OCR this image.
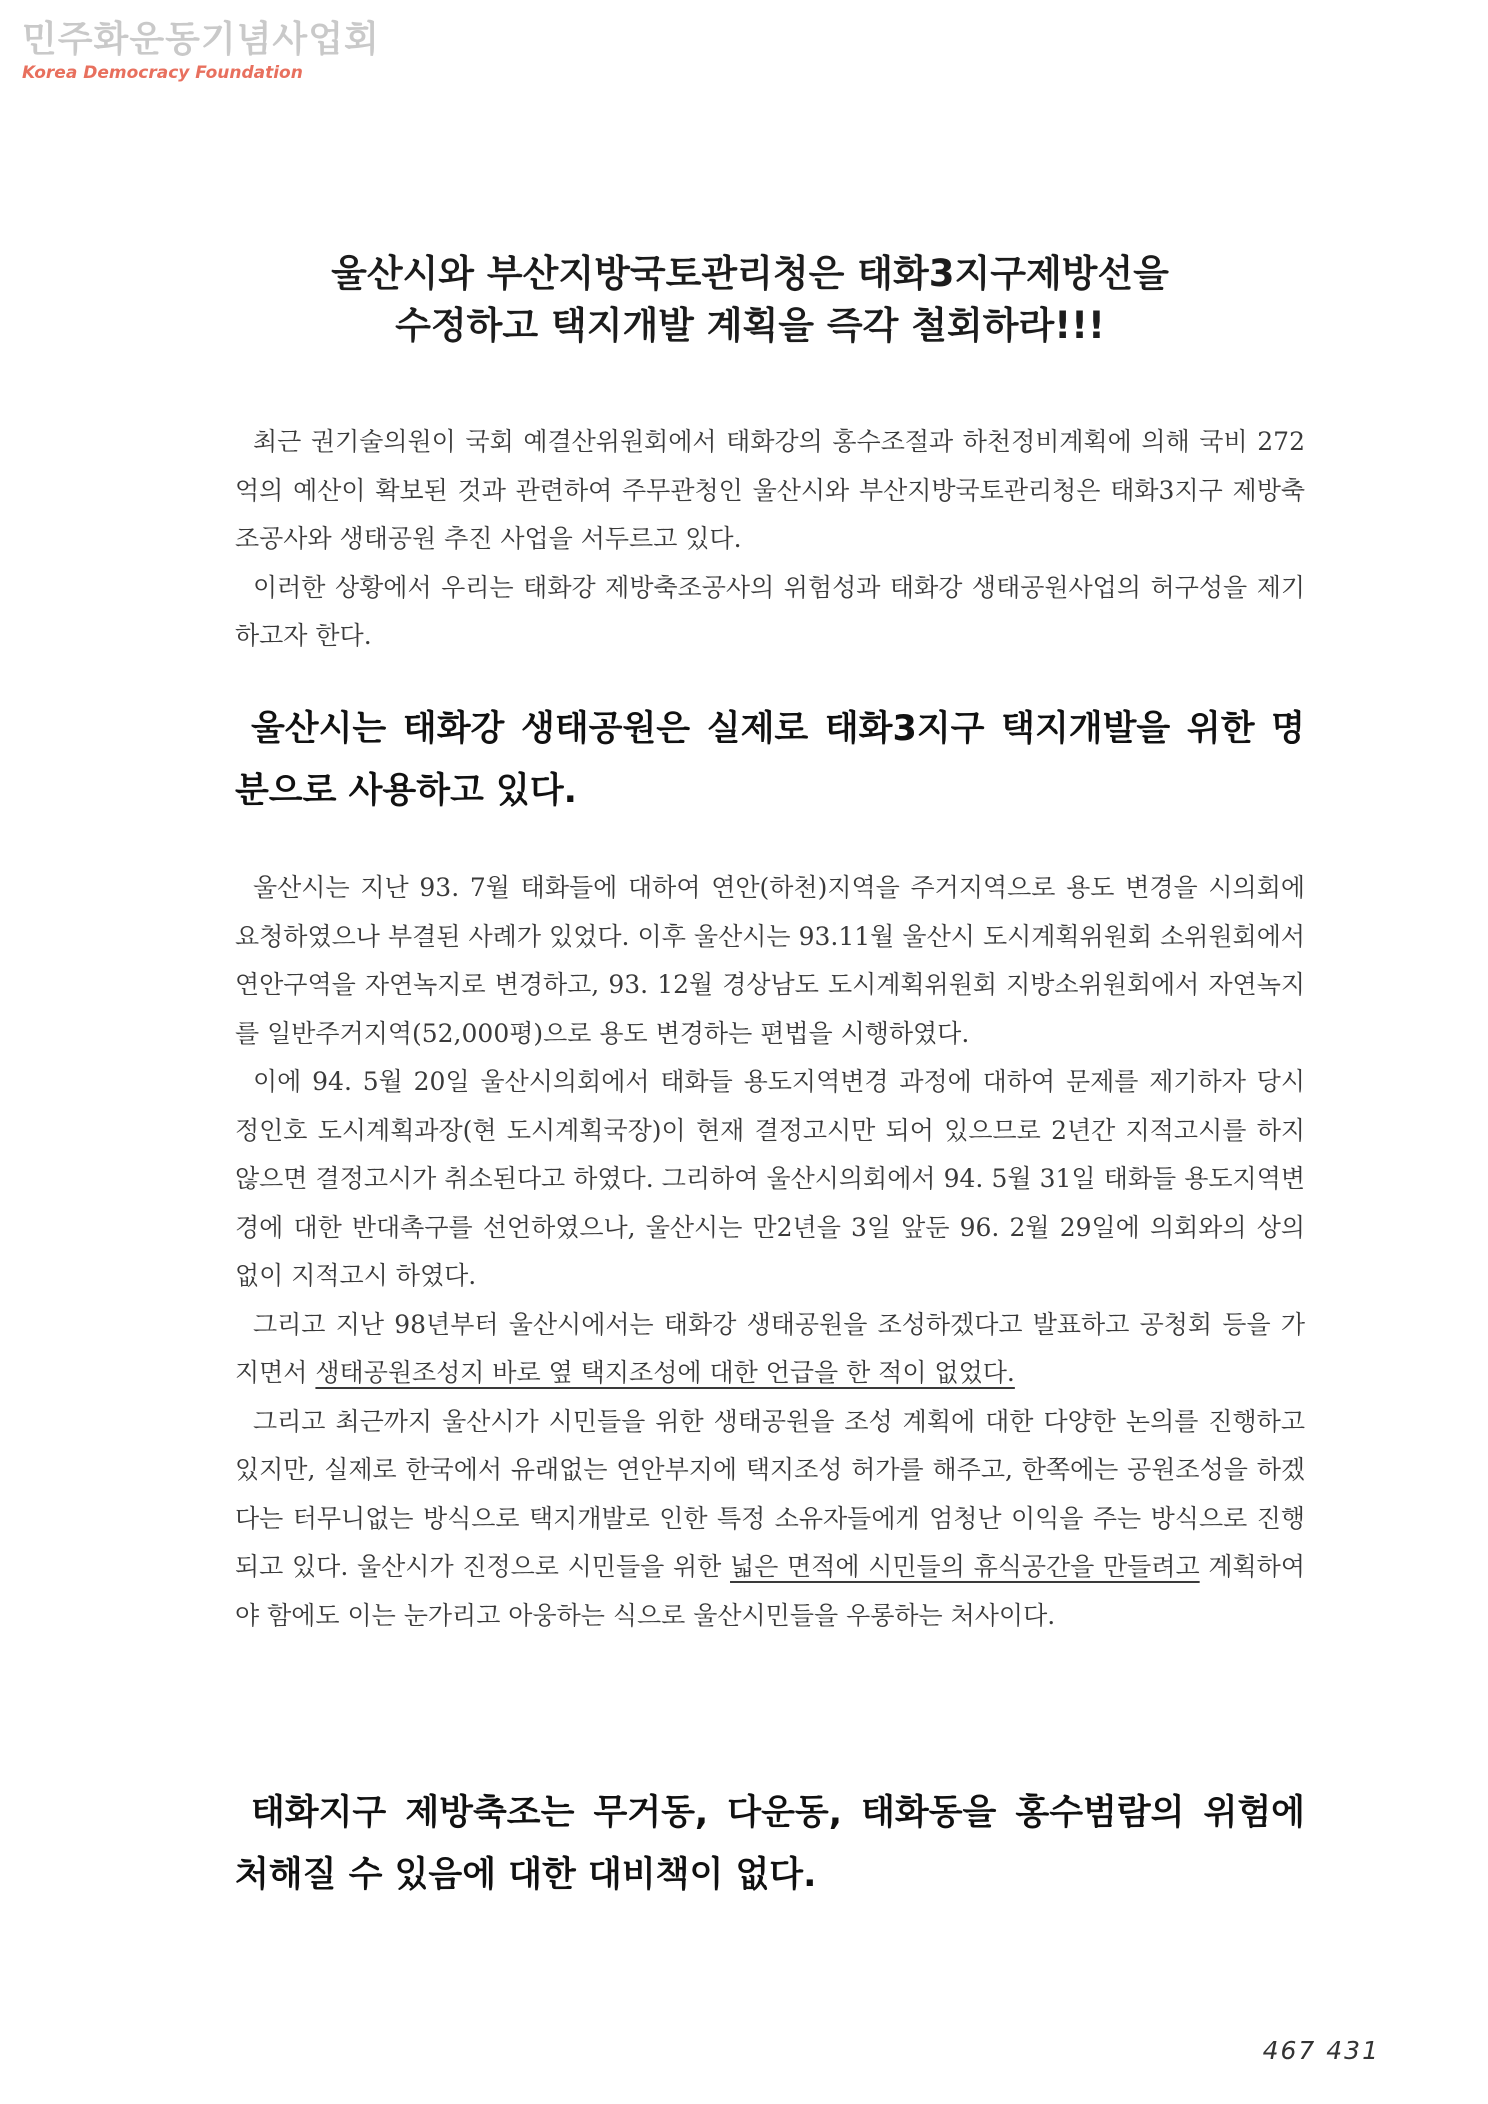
민주화운동기념사업회
Korea Democracy Foundation
울산시와 부산지방국토관리청은 태화3지구제방선을
수정하고 택지개발 계획을 즉각 철회하라!!!

최근 권기술의원이 국회 예결산위원회에서 태화강의 홍수조절과 하천정비계획에 의해 국비 272억의 예산이 확보된 것과 관련하여 주무관청인 울산시와 부산지방국토관리청은 태화3지구 제방축조공사와 생태공원 추진 사업을 서두르고 있다.

이러한 상황에서 우리는 태화강 제방축조공사의 위험성과 태화강 생태공원사업의 허구성을 제기하고자 한다.

울산시는 태화강 생태공원은 실제로 태화3지구 택지개발을 위한 명분으로 사용하고 있다.

울산시는 지난 93. 7월 태화들에 대하여 연안(하천)지역을 주거지역으로 용도 변경을 시의회에 요청하였으나 부결된 사례가 있었다. 이후 울산시는 93.11월 울산시 도시계획위원회 소위원회에서 연안구역을 자연녹지로 변경하고, 93. 12월 경상남도 도시계획위원회 지방소위원회에서 자연녹지를 일반주거지역(52,000평)으로 용도 변경하는 편법을 시행하였다.

이에 94. 5월 20일 울산시의회에서 태화들 용도지역변경 과정에 대하여 문제를 제기하자 당시 정인호 도시계획과장(현 도시계획국장)이 현재 결정고시만 되어 있으므로 2년간 지적고시를 하지 않으면 결정고시가 취소된다고 하였다. 그리하여 울산시의회에서 94. 5월 31일 태화들 용도지역변경에 대한 반대촉구를 선언하였으나, 울산시는 만2년을 3일 앞둔 96. 2월 29일에 의회와의 상의 없이 지적고시 하였다.

그리고 지난 98년부터 울산시에서는 태화강 생태공원을 조성하겠다고 발표하고 공청회 등을 가지면서 생태공원조성지 바로 옆 택지조성에 대한 언급을 한 적이 없었다.

그리고 최근까지 울산시가 시민들을 위한 생태공원을 조성 계획에 대한 다양한 논의를 진행하고 있지만, 실제로 한국에서 유래없는 연안부지에 택지조성 허가를 해주고, 한쪽에는 공원조성을 하겠다는 터무니없는 방식으로 택지개발로 인한 특정 소유자들에게 엄청난 이익을 주는 방식으로 진행되고 있다. 울산시가 진정으로 시민들을 위한 넓은 면적에 시민들의 휴식공간을 만들려고 계획하여야 함에도 이는 눈가리고 아웅하는 식으로 울산시민들을 우롱하는 처사이다.

태화지구 제방축조는 무거동, 다운동, 태화동을 홍수범람의 위험에 처해질 수 있음에 대한 대비책이 없다.

467 431
